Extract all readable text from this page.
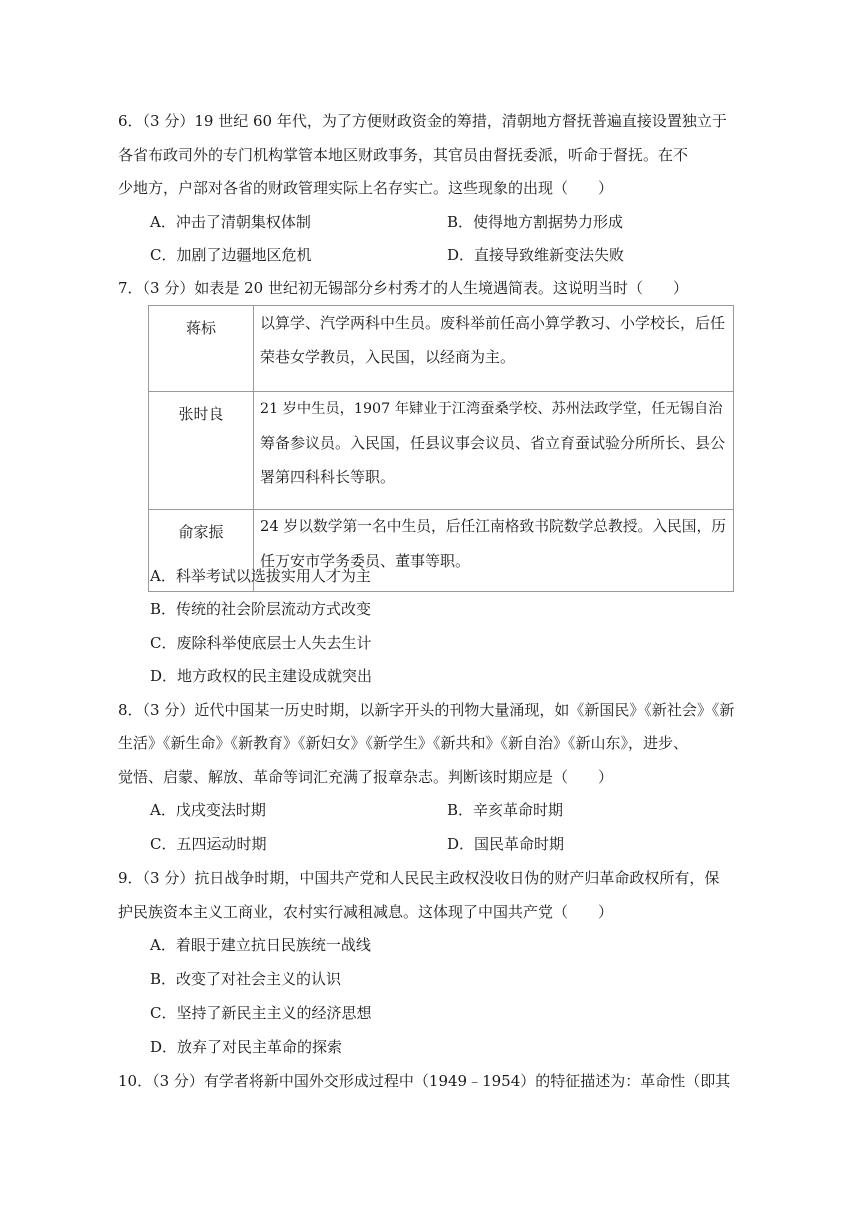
6．（3 分）19 世纪 60 年代，为了方便财政资金的筹措，清朝地方督抚普遍直接设置独立于
各省布政司外的专门机构掌管本地区财政事务，其官员由督抚委派，听命于督抚。在不
少地方，户部对各省的财政管理实际上名存实亡。这些现象的出现（　　）
A．冲击了清朝集权体制	B．使得地方割据势力形成
C．加剧了边疆地区危机	D．直接导致维新变法失败
7．（3 分）如表是 20 世纪初无锡部分乡村秀才的人生境遇简表。这说明当时（　　）
蒋标	以算学、汽学两科中生员。废科举前任高小算学教习、小学校长，后任
荣巷女学教员，入民国，以经商为主。

张时良	21 岁中生员，1907 年肄业于江湾蚕桑学校、苏州法政学堂，任无锡自治
筹备参议员。入民国，任县议事会议员、省立育蚕试验分所所长、县公
署第四科科长等职。

俞家振	24 岁以数学第一名中生员，后任江南格致书院数学总教授。入民国，历
任万安市学务委员、董事等职。
A．科举考试以选拔实用人才为主
B．传统的社会阶层流动方式改变
C．废除科举使底层士人失去生计
D．地方政权的民主建设成就突出
8．（3 分）近代中国某一历史时期，以新字开头的刊物大量涌现，如《新国民》《新社会》《新
生活》《新生命》《新教育》《新妇女》《新学生》《新共和》《新自治》《新山东》，进步、
觉悟、启蒙、解放、革命等词汇充满了报章杂志。判断该时期应是（　　）
A．戊戌变法时期	B．辛亥革命时期
C．五四运动时期	D．国民革命时期
9．（3 分）抗日战争时期，中国共产党和人民民主政权没收日伪的财产归革命政权所有，保
护民族资本主义工商业，农村实行减租减息。这体现了中国共产党（　　）
A．着眼于建立抗日民族统一战线
B．改变了对社会主义的认识
C．坚持了新民主主义的经济思想
D．放弃了对民主革命的探索
10．（3 分）有学者将新中国外交形成过程中（1949﹣1954）的特征描述为：革命性（即其
